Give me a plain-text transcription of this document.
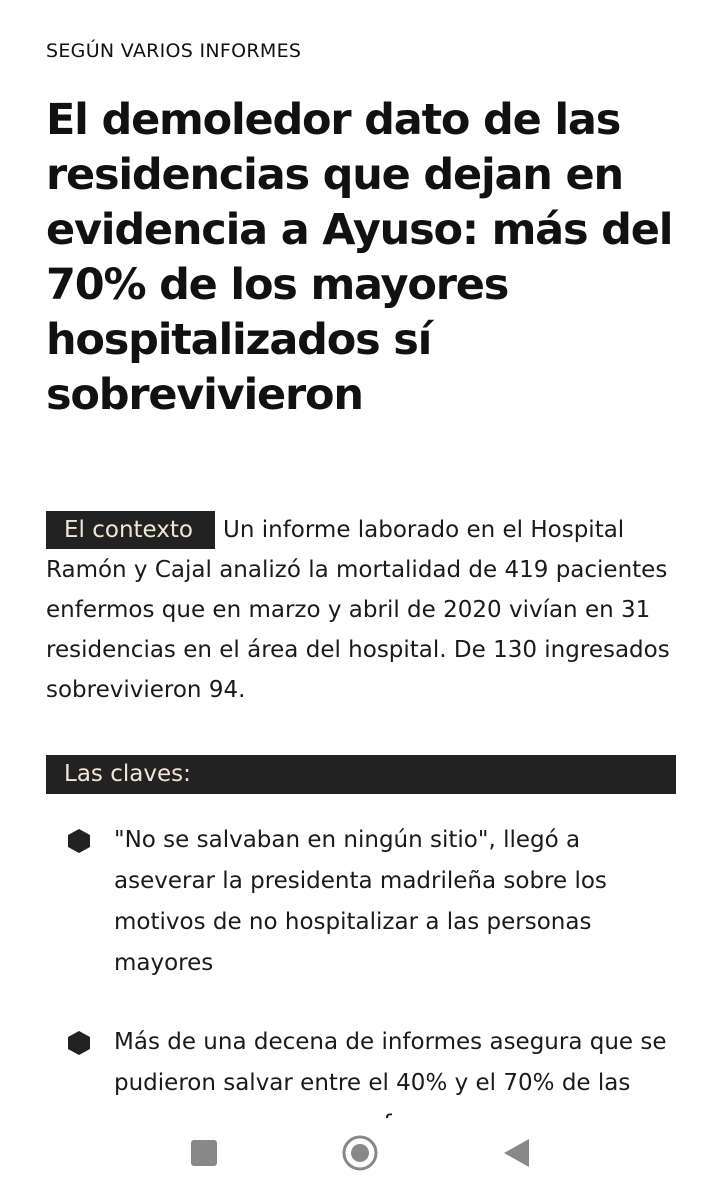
SEGÚN VARIOS INFORMES
El demoledor dato de las residencias que dejan en evidencia a Ayuso: más del 70% de los mayores hospitalizados sí sobrevivieron

El contexto Un informe laborado en el Hospital Ramón y Cajal analizó la mortalidad de 419 pacientes enfermos que en marzo y abril de 2020 vivían en 31 residencias en el área del hospital. De 130 ingresados sobrevivieron 94.

Las claves:
"No se salvaban en ningún sitio", llegó a aseverar la presidenta madrileña sobre los motivos de no hospitalizar a las personas mayores
Más de una decena de informes asegura que se pudieron salvar entre el 40% y el 70% de las
